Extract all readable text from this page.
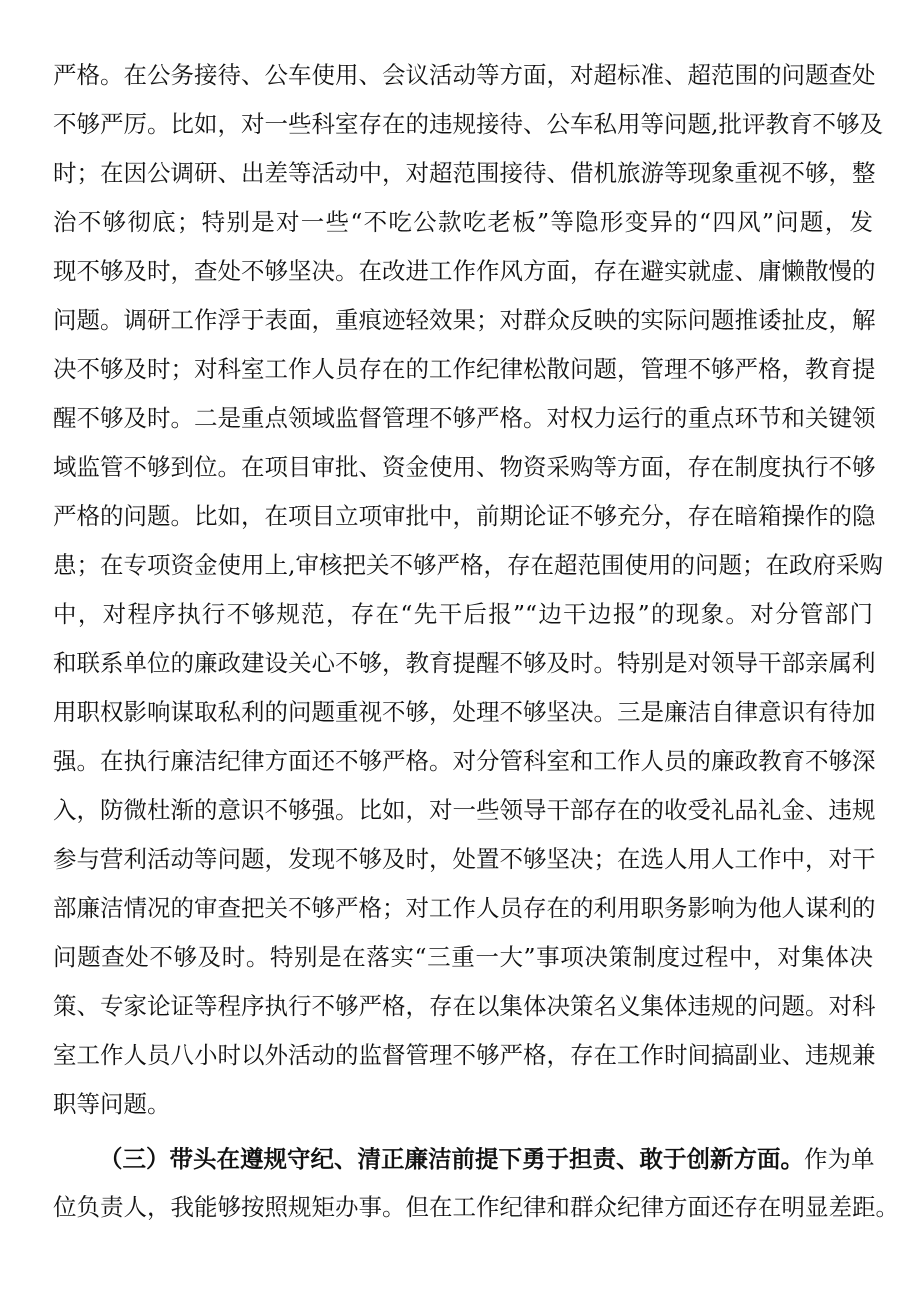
严格。在公务接待、公车使用、会议活动等方面，对超标准、超范围的问题查处
不够严厉。比如，对一些科室存在的违规接待、公车私用等问题,批评教育不够及
时；在因公调研、出差等活动中，对超范围接待、借机旅游等现象重视不够，整
治不够彻底；特别是对一些“不吃公款吃老板”等隐形变异的“四风”问题，发
现不够及时，查处不够坚决。在改进工作作风方面，存在避实就虚、庸懒散慢的
问题。调研工作浮于表面，重痕迹轻效果；对群众反映的实际问题推诿扯皮，解
决不够及时；对科室工作人员存在的工作纪律松散问题，管理不够严格，教育提
醒不够及时。二是重点领域监督管理不够严格。对权力运行的重点环节和关键领
域监管不够到位。在项目审批、资金使用、物资采购等方面，存在制度执行不够
严格的问题。比如，在项目立项审批中，前期论证不够充分，存在暗箱操作的隐
患；在专项资金使用上,审核把关不够严格，存在超范围使用的问题；在政府采购
中，对程序执行不够规范，存在“先干后报”“边干边报”的现象。对分管部门
和联系单位的廉政建设关心不够，教育提醒不够及时。特别是对领导干部亲属利
用职权影响谋取私利的问题重视不够，处理不够坚决。三是廉洁自律意识有待加
强。在执行廉洁纪律方面还不够严格。对分管科室和工作人员的廉政教育不够深
入，防微杜渐的意识不够强。比如，对一些领导干部存在的收受礼品礼金、违规
参与营利活动等问题，发现不够及时，处置不够坚决；在选人用人工作中，对干
部廉洁情况的审查把关不够严格；对工作人员存在的利用职务影响为他人谋利的
问题查处不够及时。特别是在落实“三重一大”事项决策制度过程中，对集体决
策、专家论证等程序执行不够严格，存在以集体决策名义集体违规的问题。对科
室工作人员八小时以外活动的监督管理不够严格，存在工作时间搞副业、违规兼
职等问题。
（三）带头在遵规守纪、清正廉洁前提下勇于担责、敢于创新方面。作为单
位负责人，我能够按照规矩办事。但在工作纪律和群众纪律方面还存在明显差距。
